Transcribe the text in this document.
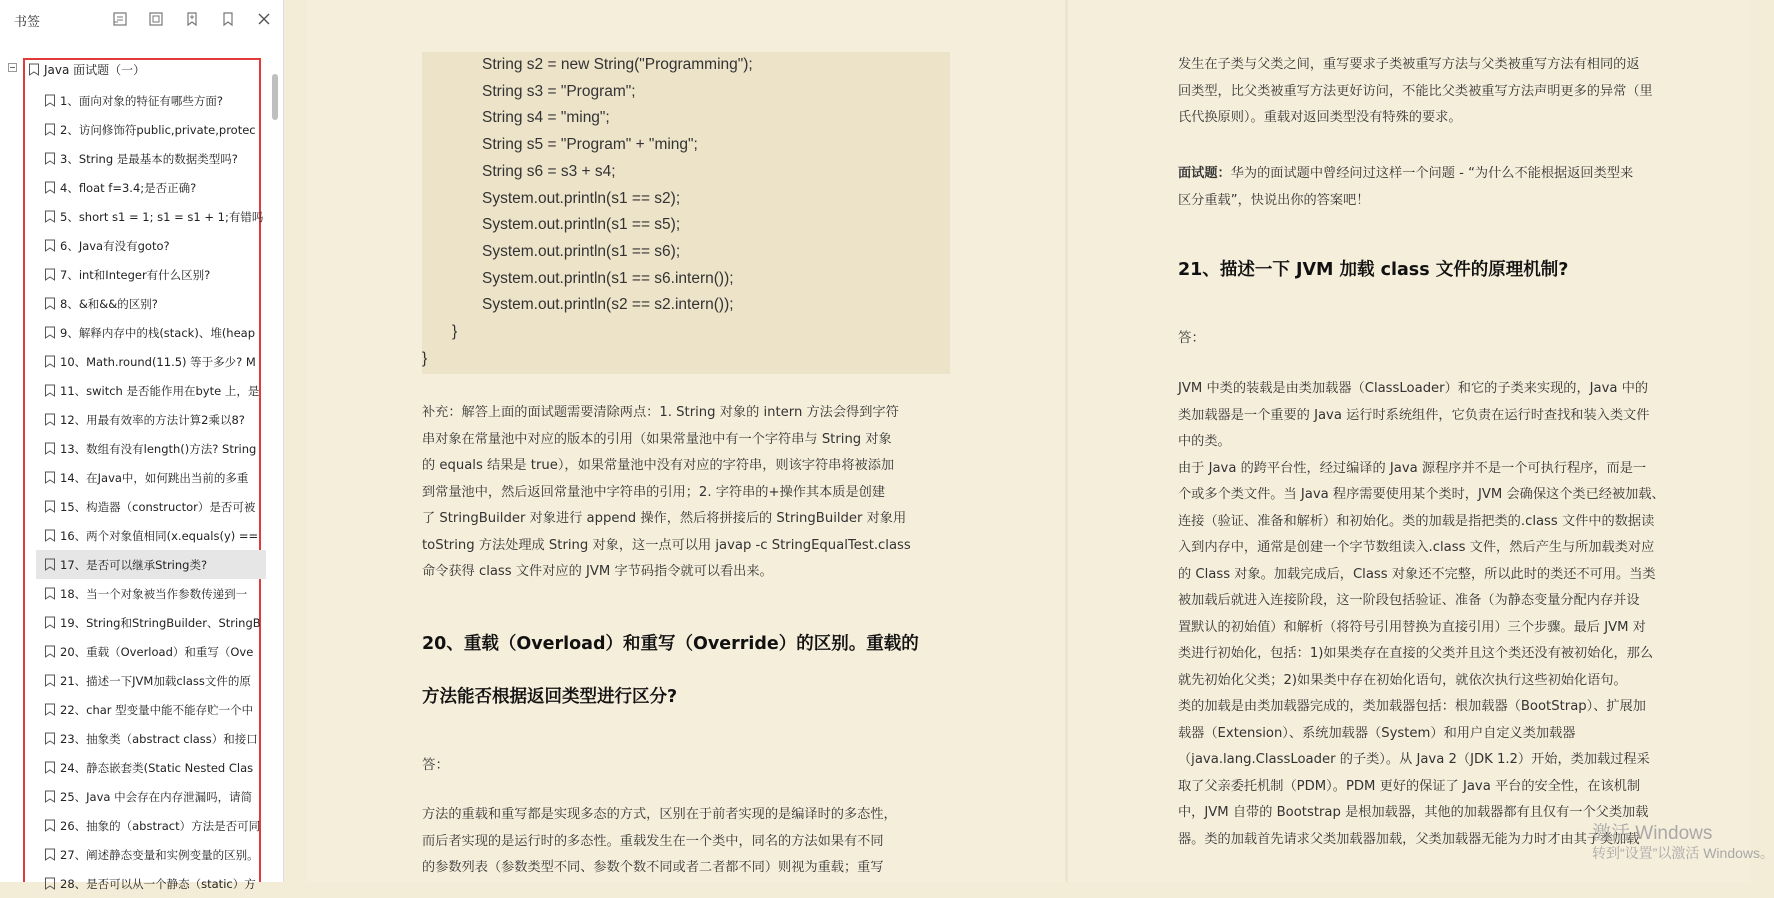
书签
Java 面试题（一）
1、面向对象的特征有哪些方面?
2、访问修饰符public,private,protec
3、String 是最基本的数据类型吗?
4、float f=3.4;是否正确?
5、short s1 = 1; s1 = s1 + 1;有错吗
6、Java有没有goto?
7、int和Integer有什么区别?
8、&和&&的区别?
9、解释内存中的栈(stack)、堆(heap
10、Math.round(11.5) 等于多少? M
11、switch 是否能作用在byte 上，是
12、用最有效率的方法计算2乘以8?
13、数组有没有length()方法? String
14、在Java中，如何跳出当前的多重
15、构造器（constructor）是否可被
16、两个对象值相同(x.equals(y) ==
17、是否可以继承String类?
18、当一个对象被当作参数传递到一
19、String和StringBuilder、StringB
20、重载（Overload）和重写（Ove
21、描述一下JVM加载class文件的原
22、char 型变量中能不能存贮一个中
23、抽象类（abstract class）和接口
24、静态嵌套类(Static Nested Clas
25、Java 中会存在内存泄漏吗，请简
26、抽象的（abstract）方法是否可同
27、阐述静态变量和实例变量的区别。
28、是否可以从一个静态（static）方
String s2 = new String("Programming");
String s3 = "Program";
String s4 = "ming";
String s5 = "Program" + "ming";
String s6 = s3 + s4;
System.out.println(s1 == s2);
System.out.println(s1 == s5);
System.out.println(s1 == s6);
System.out.println(s1 == s6.intern());
System.out.println(s2 == s2.intern());
}
}
补充：解答上面的面试题需要清除两点：1. String 对象的 intern 方法会得到字符
串对象在常量池中对应的版本的引用（如果常量池中有一个字符串与 String 对象
的 equals 结果是 true），如果常量池中没有对应的字符串，则该字符串将被添加
到常量池中，然后返回常量池中字符串的引用；2. 字符串的+操作其本质是创建
了 StringBuilder 对象进行 append 操作，然后将拼接后的 StringBuilder 对象用
toString 方法处理成 String 对象，这一点可以用 javap -c StringEqualTest.class
命令获得 class 文件对应的 JVM 字节码指令就可以看出来。
20、重载（Overload）和重写（Override）的区别。重载的
方法能否根据返回类型进行区分?
答：
方法的重载和重写都是实现多态的方式，区别在于前者实现的是编译时的多态性，
而后者实现的是运行时的多态性。重载发生在一个类中，同名的方法如果有不同
的参数列表（参数类型不同、参数个数不同或者二者都不同）则视为重载；重写
发生在子类与父类之间，重写要求子类被重写方法与父类被重写方法有相同的返
回类型，比父类被重写方法更好访问，不能比父类被重写方法声明更多的异常（里
氏代换原则）。重载对返回类型没有特殊的要求。
面试题：华为的面试题中曾经问过这样一个问题 - “为什么不能根据返回类型来
区分重载”，快说出你的答案吧！
21、描述一下 JVM 加载 class 文件的原理机制?
答：
JVM 中类的装载是由类加载器（ClassLoader）和它的子类来实现的，Java 中的
类加载器是一个重要的 Java 运行时系统组件，它负责在运行时查找和装入类文件
中的类。
由于 Java 的跨平台性，经过编译的 Java 源程序并不是一个可执行程序，而是一
个或多个类文件。当 Java 程序需要使用某个类时，JVM 会确保这个类已经被加载、
连接（验证、准备和解析）和初始化。类的加载是指把类的.class 文件中的数据读
入到内存中，通常是创建一个字节数组读入.class 文件，然后产生与所加载类对应
的 Class 对象。加载完成后，Class 对象还不完整，所以此时的类还不可用。当类
被加载后就进入连接阶段，这一阶段包括验证、准备（为静态变量分配内存并设
置默认的初始值）和解析（将符号引用替换为直接引用）三个步骤。最后 JVM 对
类进行初始化，包括：1)如果类存在直接的父类并且这个类还没有被初始化，那么
就先初始化父类；2)如果类中存在初始化语句，就依次执行这些初始化语句。
类的加载是由类加载器完成的，类加载器包括：根加载器（BootStrap）、扩展加
载器（Extension）、系统加载器（System）和用户自定义类加载器
（java.lang.ClassLoader 的子类）。从 Java 2（JDK 1.2）开始，类加载过程采
取了父亲委托机制（PDM）。PDM 更好的保证了 Java 平台的安全性，在该机制
中，JVM 自带的 Bootstrap 是根加载器，其他的加载器都有且仅有一个父类加载
器。类的加载首先请求父类加载器加载，父类加载器无能为力时才由其子类加载
激活 Windows
转到“设置”以激活 Windows。
